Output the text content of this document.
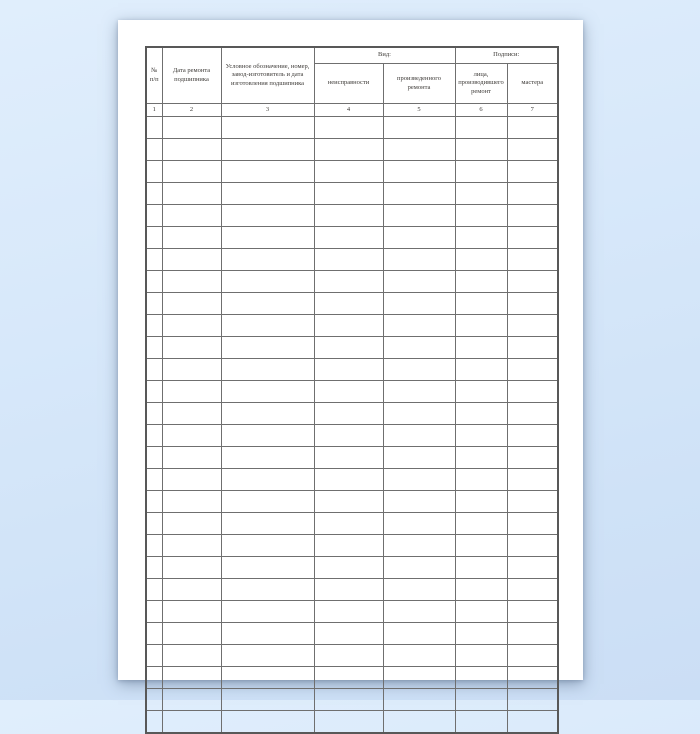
№ п/п	Дата ремонта подшипника	Условное обозначение, номер, завод-изготовитель и дата изготовления подшипника	Вид:		Подписи:	
			неисправности	произведенного ремонта	лица, производившего ремонт	мастера
1	2	3	4	5	6	7
